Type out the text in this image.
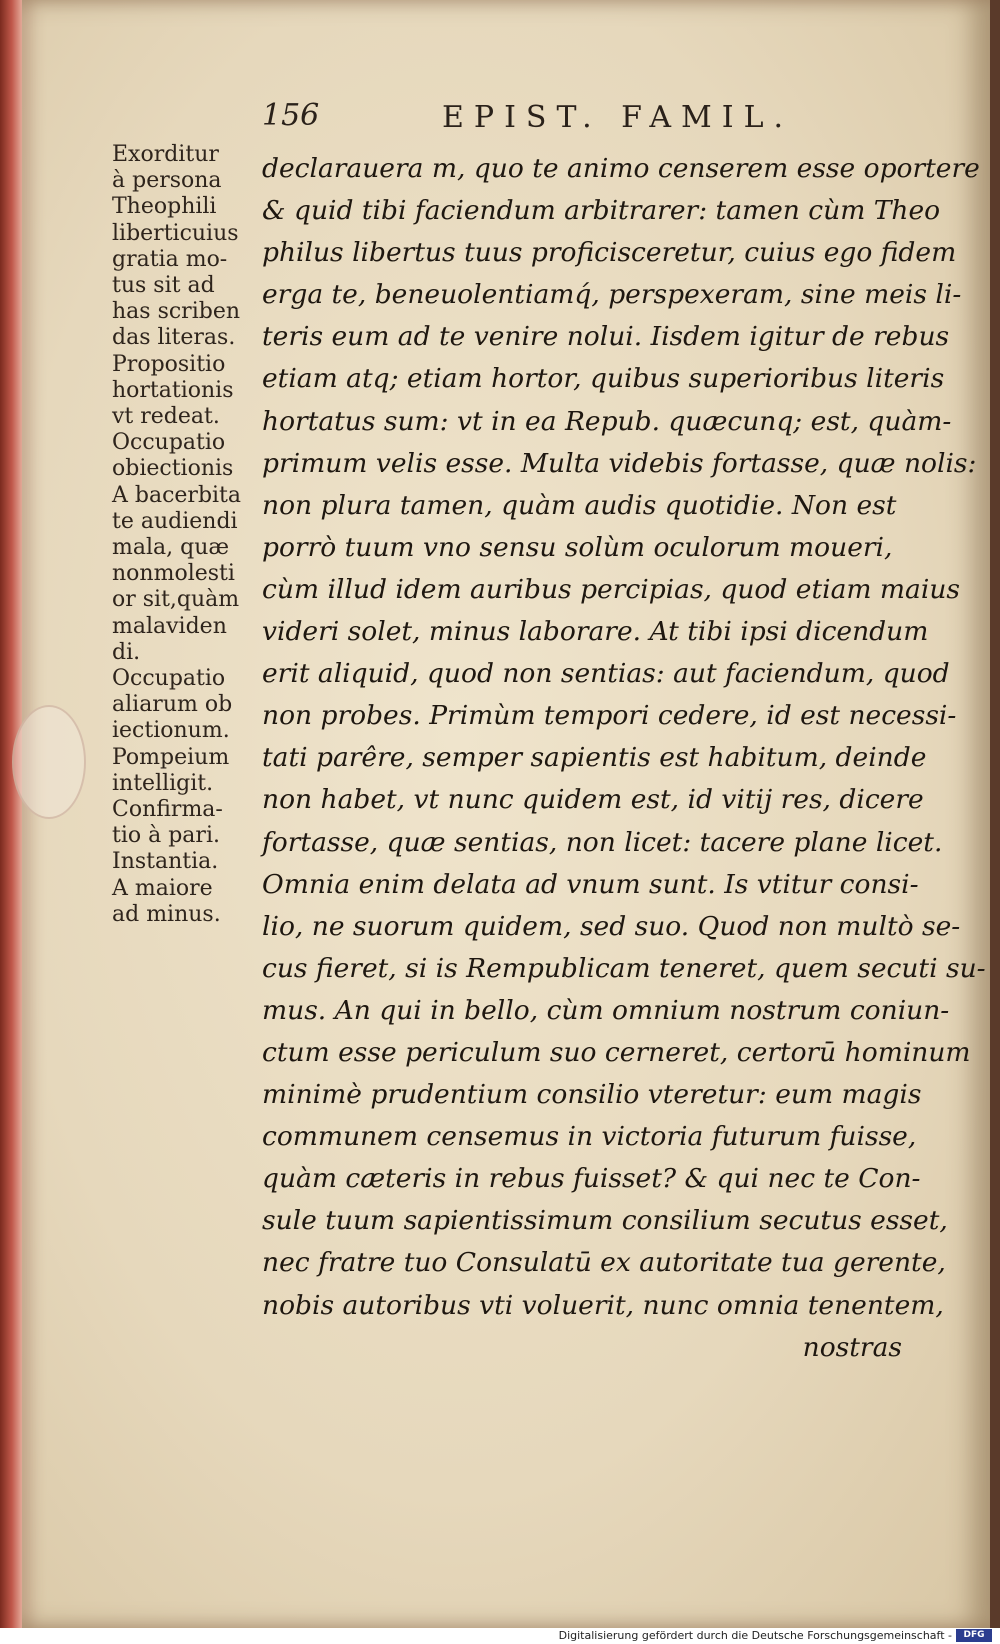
156	EPIST. FAMIL.
Exorditur
à persona
Theophili
liberticuius
gratia mo-
tus sit ad
has scriben
das literas.
Propositio
hortationis
vt redeat.
Occupatio
obiectionis
A bacerbita
te audiendi
mala, quæ
nonmolesti
or sit,quàm
malaviden
di.
Occupatio
aliarum ob
iectionum.
Pompeium
intelligit.
Confirma-
tio à pari.
Instantia.
A maiore
ad minus.
declarauera m, quo te animo censerem esse oportere
& quid tibi faciendum arbitrarer: tamen cùm Theo
philus libertus tuus proficisceretur, cuius ego fidem
erga te, beneuolentiamq́, perspexeram, sine meis li-
teris eum ad te venire nolui. Iisdem igitur de rebus
etiam atq; etiam hortor, quibus superioribus literis
hortatus sum: vt in ea Repub. quæcunq; est, quàm-
primum velis esse. Multa videbis fortasse, quæ nolis:
non plura tamen, quàm audis quotidie. Non est
porrò tuum vno sensu solùm oculorum moueri,
cùm illud idem auribus percipias, quod etiam maius
videri solet, minus laborare. At tibi ipsi dicendum
erit aliquid, quod non sentias: aut faciendum, quod
non probes. Primùm tempori cedere, id est necessi-
tati parêre, semper sapientis est habitum, deinde
non habet, vt nunc quidem est, id vitij res, dicere
fortasse, quæ sentias, non licet: tacere plane licet.
Omnia enim delata ad vnum sunt. Is vtitur consi-
lio, ne suorum quidem, sed suo. Quod non multò se-
cus fieret, si is Rempublicam teneret, quem secuti su-
mus. An qui in bello, cùm omnium nostrum coniun-
ctum esse periculum suo cerneret, certorū hominum
minimè prudentium consilio vteretur: eum magis
communem censemus in victoria futurum fuisse,
quàm cæteris in rebus fuisset? & qui nec te Con-
sule tuum sapientissimum consilium secutus esset,
nec fratre tuo Consulatū ex autoritate tua gerente,
nobis autoribus vti voluerit, nunc omnia tenentem,
nostras
Digitalisierung gefördert durch die Deutsche Forschungsgemeinschaft -	DFG
